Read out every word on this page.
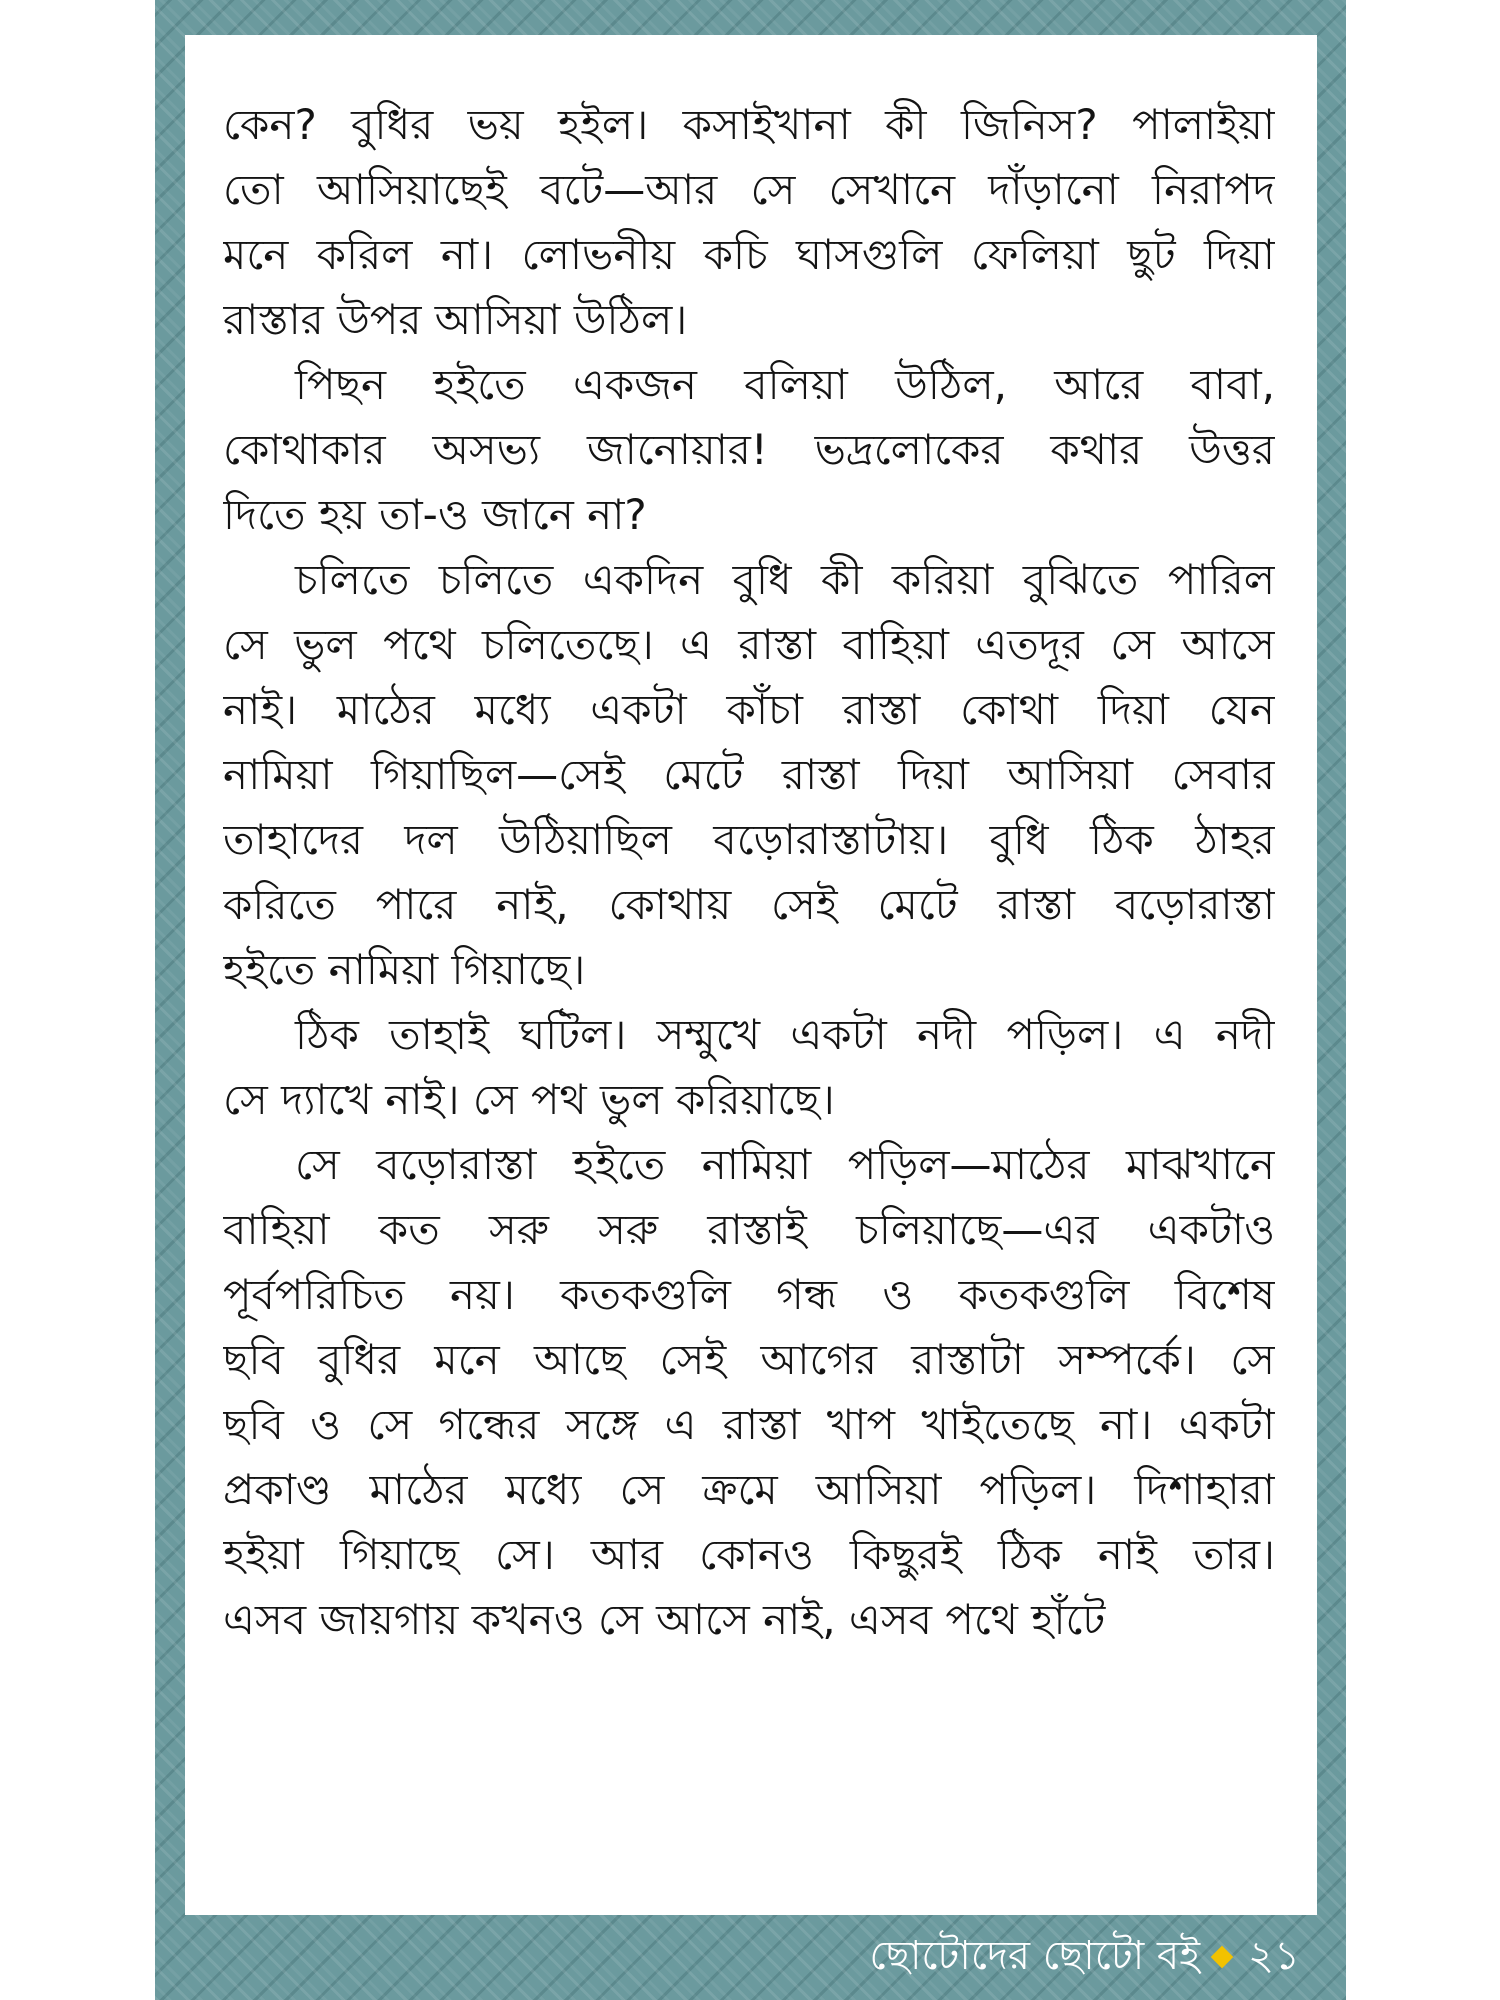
কেন? বুধির ভয় হইল। কসাইখানা কী জিনিস? পালাইয়া
তো আসিয়াছেই বটে—আর সে সেখানে দাঁড়ানো নিরাপদ
মনে করিল না। লোভনীয় কচি ঘাসগুলি ফেলিয়া ছুট দিয়া
রাস্তার উপর আসিয়া উঠিল।
পিছন হইতে একজন বলিয়া উঠিল, আরে বাবা,
কোথাকার অসভ্য জানোয়ার! ভদ্রলোকের কথার উত্তর
দিতে হয় তা-ও জানে না?
চলিতে চলিতে একদিন বুধি কী করিয়া বুঝিতে পারিল
সে ভুল পথে চলিতেছে। এ রাস্তা বাহিয়া এতদূর সে আসে
নাই। মাঠের মধ্যে একটা কাঁচা রাস্তা কোথা দিয়া যেন
নামিয়া গিয়াছিল—সেই মেটে রাস্তা দিয়া আসিয়া সেবার
তাহাদের দল উঠিয়াছিল বড়োরাস্তাটায়। বুধি ঠিক ঠাহর
করিতে পারে নাই, কোথায় সেই মেটে রাস্তা বড়োরাস্তা
হইতে নামিয়া গিয়াছে।
ঠিক তাহাই ঘটিল। সম্মুখে একটা নদী পড়িল। এ নদী
সে দ্যাখে নাই। সে পথ ভুল করিয়াছে।
সে বড়োরাস্তা হইতে নামিয়া পড়িল—মাঠের মাঝখানে
বাহিয়া কত সরু সরু রাস্তাই চলিয়াছে—এর একটাও
পূর্বপরিচিত নয়। কতকগুলি গন্ধ ও কতকগুলি বিশেষ
ছবি বুধির মনে আছে সেই আগের রাস্তাটা সম্পর্কে। সে
ছবি ও সে গন্ধের সঙ্গে এ রাস্তা খাপ খাইতেছে না। একটা
প্রকাণ্ড মাঠের মধ্যে সে ক্রমে আসিয়া পড়িল। দিশাহারা
হইয়া গিয়াছে সে। আর কোনও কিছুরই ঠিক নাই তার।
এসব জায়গায় কখনও সে আসে নাই, এসব পথে হাঁটে
ছোটোদের ছোটো বই ২১
